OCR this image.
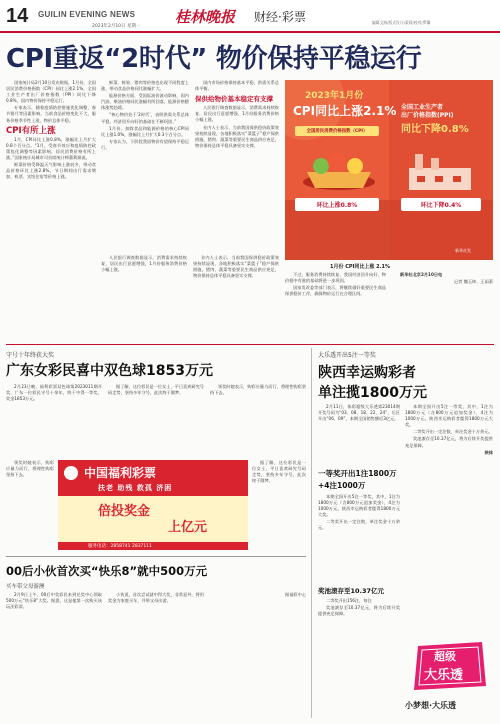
14 GUILIN EVENING NEWS
2023年2月10日 星期一
桂林晚报 财经·彩票	编辑文海/版式设计/蒙莉/校对/罗馨
CPI重返“2时代” 物价保持平稳运行

国家统计局2月10日发布数据，1月份，全国居民消费价格指数（CPI）同比上涨2.1%，全国工业生产者出厂价格指数（PPI）同比下降0.8%，国内物价保持平稳运行。

专家表示，随着疫情防控措施优化调整，春节错月等因素影响，当前食品价格变化不大，服务价格季节性上涨，物价总体平稳。

CPI有所上涨

1月，CPI环比上涨0.8%，涨幅比上月扩大0.8个百分点。“1月，受春节效应和疫情防控政策优化调整等因素影响，居民消费价格有所上涨。”国家统计局城市司首席统计师董莉娟说。

鲜菜价格受降温天气影响上涨较多，带动食品价格环比上涨2.8%。节日期间出行需求增加，机票、宾馆住宿等价格上涨。

鲜菜、鲜果、猪肉等价格也出现不同程度上涨，带动食品价格同比涨幅扩大。

能源价格方面，受国际油价波动影响，国内汽油、柴油价格同比涨幅有所回落，能源价格整体涨势趋缓。

“核心物价处于‘2时代’，表明供需关系总体平稳，经济回升向好的基础在不断巩固。”

1月份，扣除食品和能源价格的核心CPI同比上涨1.0%，涨幅比上月扩大0.3个百分点。

专家认为，下阶段我国物价有望保持平稳运行。

国内市场价格保持基本平稳，供需关系总体平衡。

保供给物价基本稳定有支撑

人民银行调查数据显示，消费需求持续恢复，居民出行意愿增强，1月份服务消费价格小幅上涨。

业内人士表示，当前我国保供稳价政策效果持续显现，各地积极落实“菜篮子”稳产保供措施，猪肉、蔬菜等重要民生商品供应充足，物价保持总体平稳具备坚实支撑。

2023年1月份
CPI同比上涨2.1%
全国居民消费价格指数（CPI）
环比上涨0.8%
全国工业生产者
出厂价格指数(PPI)
同比下降0.8%
环比下降0.4%
新华社发
1月份 CPI同比上涨 2.1%

不过，服务消费持续恢复，我国经济回升向好，物价稳中有涨的基础将进一步巩固。

国家发改委等部门表示，将继续做好重要民生商品保供稳价工作，确保物价运行在合理区间。

新华社北京2月10日电

记者 魏玉坤、王雨萧

人民银行调查数据显示，消费需求持续恢复，居民出行意愿增强，1月份服务消费价格小幅上涨。

业内人士表示，当前我国保供稳价政策效果持续显现，各地积极落实“菜篮子”稳产保供措施，猪肉、蔬菜等重要民生商品供应充足，物价保持总体平稳具备坚实支撑。

守号十年终获大奖
广东女彩民喜中双色球1853万元

2月23日晚，福利彩票双色球第2023011期开奖，广东一位彩民守号十余年，终于中得一等奖，奖金1853万元。

据了解，这位彩民是一位女士，平日喜欢研究号码走势，坚持多年守号，此次终于圆梦。

领奖时她表示，购彩应量力而行，将理性购彩坚持下去。

中国福利彩票
扶老 助残 救孤 济困
倍投奖金
上亿元
服务电话：2858741 2837111

领奖时她表示，购彩应量力而行，将理性购彩坚持下去。

据了解，这位彩民是一位女士，平日喜欢研究号码走势，坚持多年守号，此次终于圆梦。

00后小伙首次买“快乐8”就中500万元
买车带父母游澳

2月9日上午，00后中奖彩民来到兑奖中心领取500万元“快乐8”大奖。据悉，这是他第一次购买该玩法彩票。

小伙说，首次尝试就中得大奖，非常意外，将用奖金为家庭买车，并带父母出游。

据福彩中心

大乐透开出5注一等奖
陕西幸运购彩者
单注揽1800万元

2月11日，体彩超级大乐透第23014期开奖号码为“03、08、18、22、24”，后区开出“06、09”，本期全国销售额近3亿元。

一等奖开出1注1800万
+4注1000万

本期全国开出5注一等奖，其中，1注为1800万元（含800万元追加奖金），4注为1000万元。陕西幸运购彩者揽得1800万元大奖。

二等奖开出一定注数，单注奖金十万余元。

奖池滚存至10.37亿元

二等奖开出156注，每注

奖池滚存至10.37亿元，将为后续开奖提供充足保障。

本期全国开出5注一等奖，其中，1注为1800万元（含800万元追加奖金），4注为1000万元。陕西幸运购彩者揽得1800万元大奖。

二等奖开出一定注数，单注奖金十万余元。

奖池滚存至10.37亿元，将为后续开奖提供充足保障。

陕体

超级
大乐透
小梦想·大乐透
